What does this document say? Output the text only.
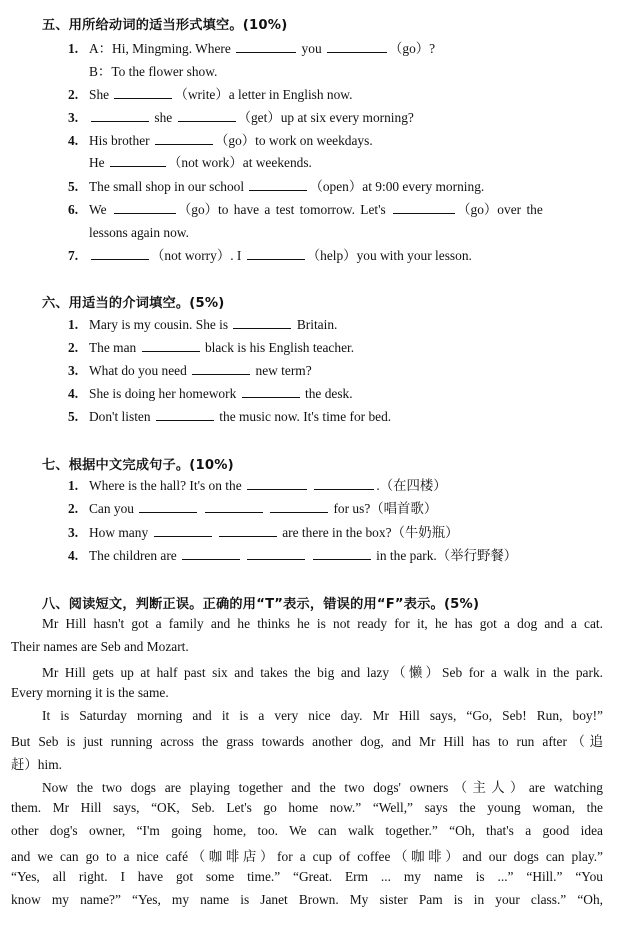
五、用所给动词的适当形式填空。(10%)
1. A：Hi, Mingming. Where	you	（go）?
B：To the flower show.
2. She	（write）a letter in English now.
3.	she	（get）up at six every morning?
4. His brother	（go）to work on weekdays.
He	（not work）at weekends.
5. The small shop in our school	（open）at 9:00 every morning.
6. We	（go）to have a test tomorrow. Let's	（go）over the
lessons again now.
7.	（not worry）. I	（help）you with your lesson.
六、用适当的介词填空。(5%)
1. Mary is my cousin. She is	Britain.
2. The man	black is his English teacher.
3. What do you need	new term?
4. She is doing her homework	the desk.
5. Don't listen	the music now. It's time for bed.
七、根据中文完成句子。(10%)
1. Where is the hall? It's on the	.（在四楼）
2. Can you	for us?（唱首歌）
3. How many	are there in the box?（牛奶瓶）
4. The children are	in the park.（举行野餐）
八、阅读短文，判断正误。正确的用“T”表示，错误的用“F”表示。(5%)
Mr Hill hasn't got a family and he thinks he is not ready for it, he has got a dog and a cat.
Their names are Seb and Mozart.
Mr Hill gets up at half past six and takes the big and lazy（懒）Seb for a walk in the park.
Every morning it is the same.
It is Saturday morning and it is a very nice day. Mr Hill says, “Go, Seb! Run, boy!”
But Seb is just running across the grass towards another dog, and Mr Hill has to run after（追
赶）him.
Now the two dogs are playing together and the two dogs' owners（主人）are watching
them. Mr Hill says, “OK, Seb. Let's go home now.” “Well,” says the young woman, the
other dog's owner, “I'm going home, too. We can walk together.” “Oh, that's a good idea
and we can go to a nice café（咖啡店）for a cup of coffee（咖啡）and our dogs can play.”
“Yes, all right. I have got some time.” “Great. Erm ... my name is ...” “Hill.” “You
know my name?” “Yes, my name is Janet Brown. My sister Pam is in your class.” “Oh,
